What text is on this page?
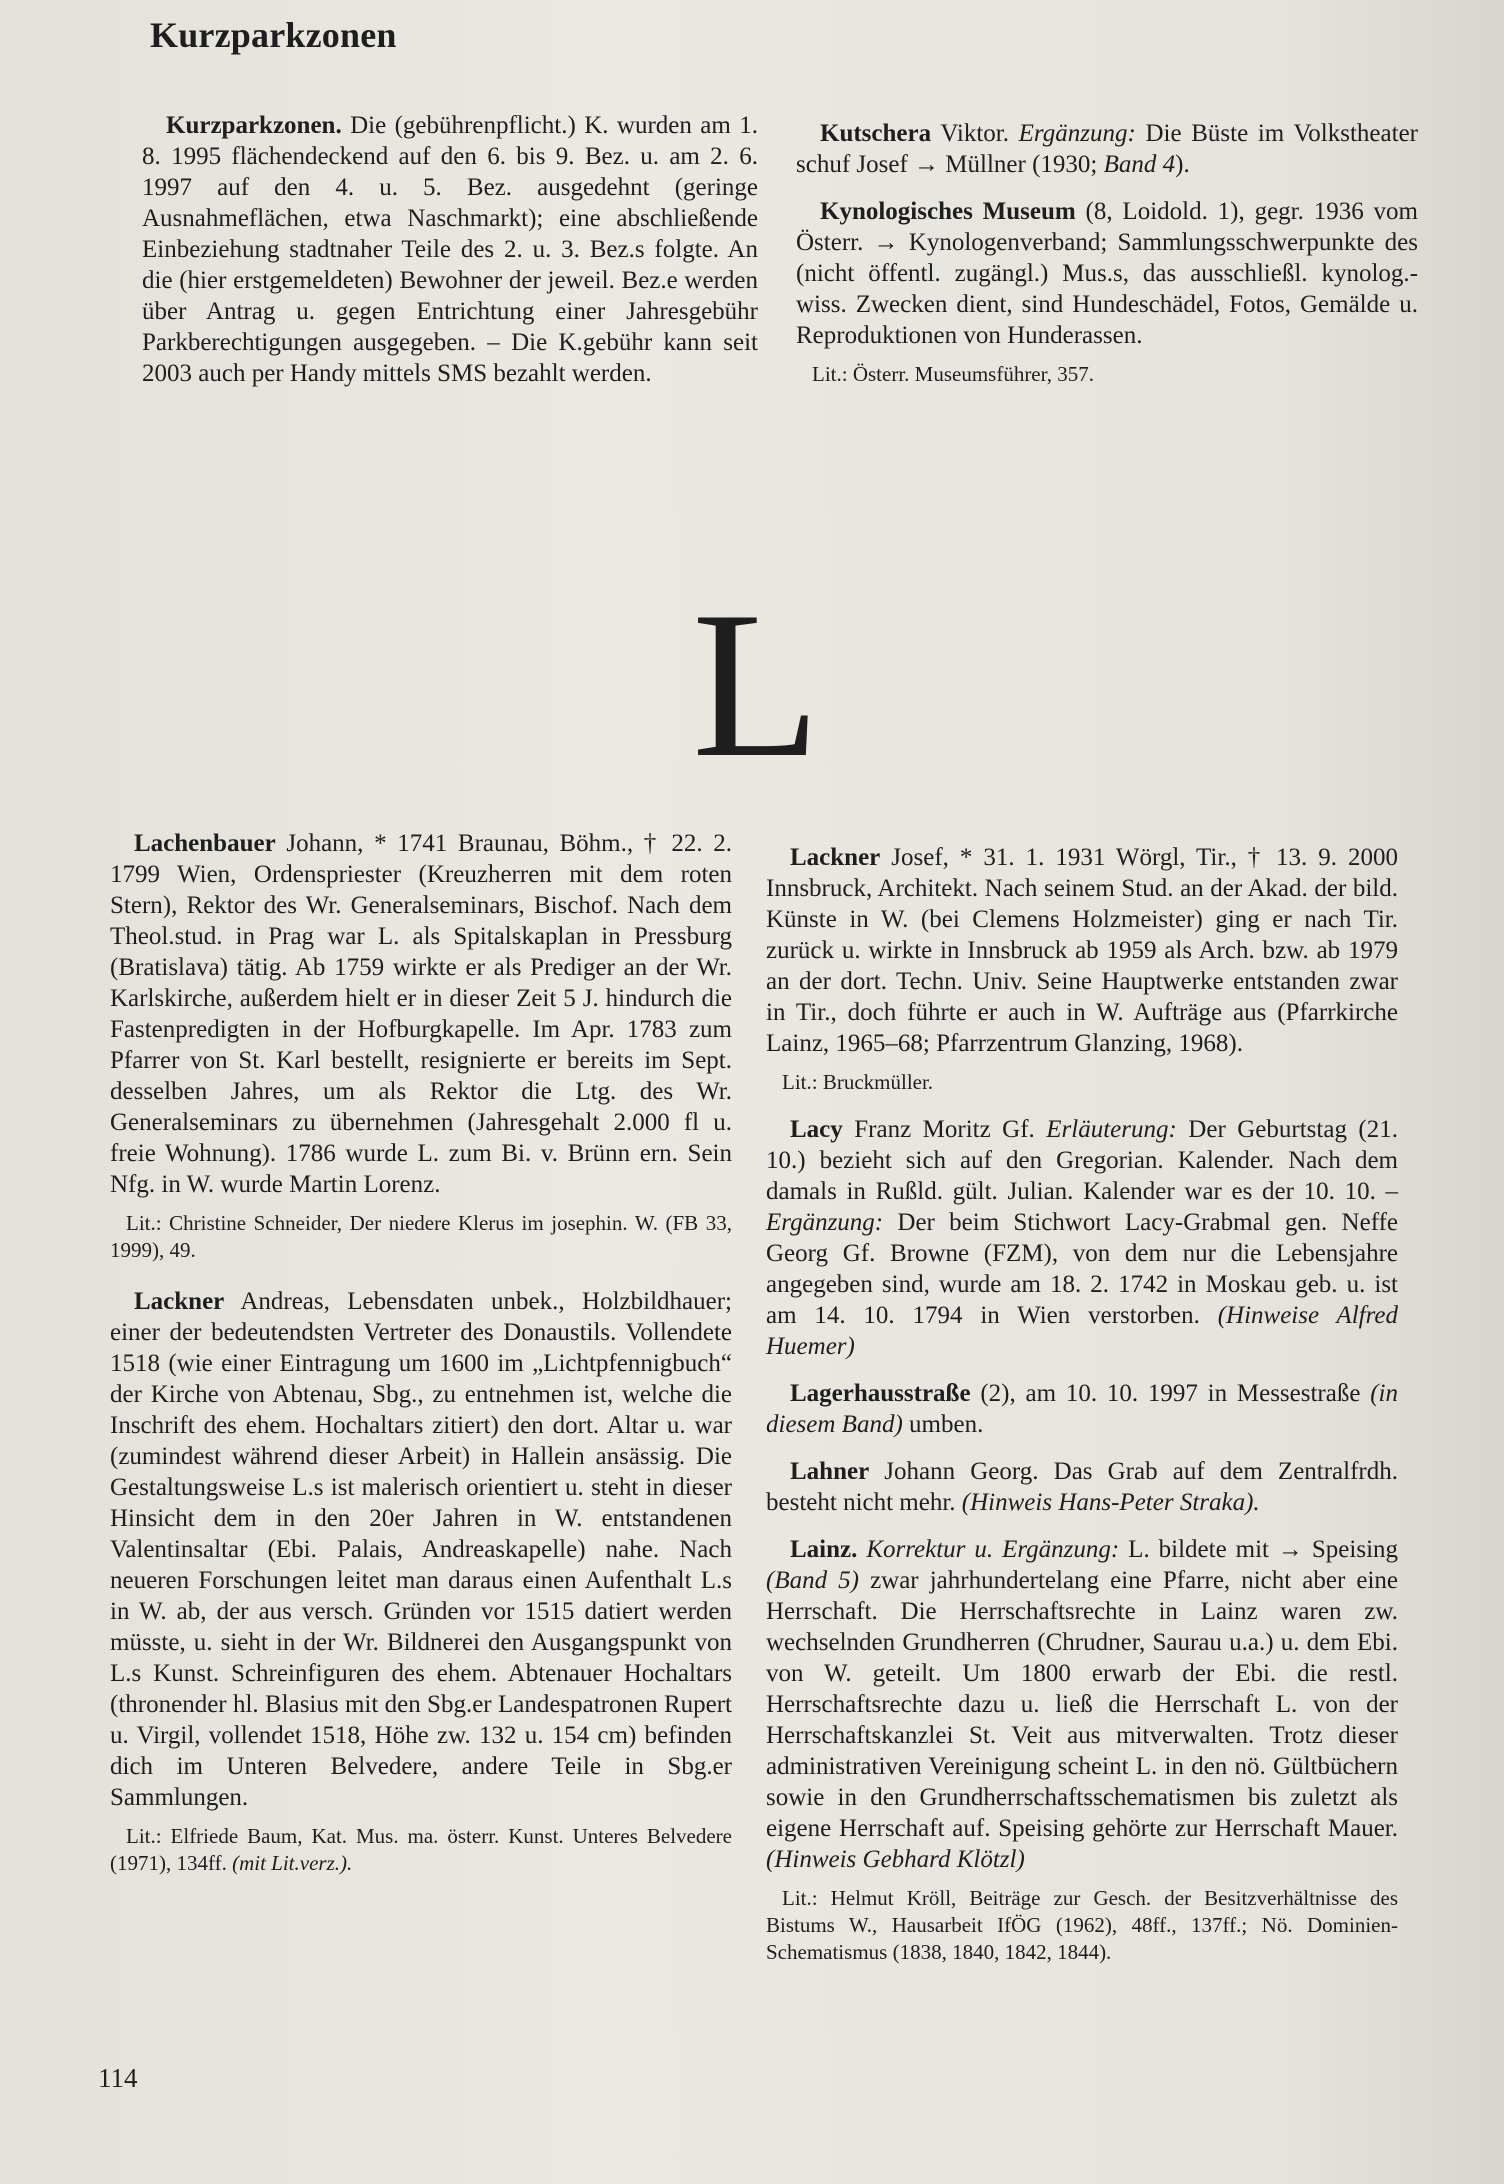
Kurzparkzonen

Kurzparkzonen. Die (gebührenpflicht.) K. wurden am 1. 8. 1995 flächendeckend auf den 6. bis 9. Bez. u. am 2. 6. 1997 auf den 4. u. 5. Bez. ausgedehnt (geringe Ausnahmeflächen, etwa Naschmarkt); eine abschließende Einbeziehung stadtnaher Teile des 2. u. 3. Bez.s folgte. An die (hier erstgemeldeten) Bewohner der jeweil. Bez.e werden über Antrag u. gegen Entrichtung einer Jahresgebühr Parkberechtigungen ausgegeben. – Die K.gebühr kann seit 2003 auch per Handy mittels SMS bezahlt werden.

Kutschera Viktor. Ergänzung: Die Büste im Volkstheater schuf Josef → Müllner (1930; Band 4).

Kynologisches Museum (8, Loidold. 1), gegr. 1936 vom Österr. → Kynologenverband; Sammlungsschwerpunkte des (nicht öffentl. zugängl.) Mus.s, das ausschließl. kynolog.-wiss. Zwecken dient, sind Hundeschädel, Fotos, Gemälde u. Reproduktionen von Hunderassen.

Lit.: Österr. Museumsführer, 357.

L

Lachenbauer Johann, * 1741 Braunau, Böhm., † 22. 2. 1799 Wien, Ordenspriester (Kreuzherren mit dem roten Stern), Rektor des Wr. Generalseminars, Bischof. Nach dem Theol.stud. in Prag war L. als Spitalskaplan in Pressburg (Bratislava) tätig. Ab 1759 wirkte er als Prediger an der Wr. Karlskirche, außerdem hielt er in dieser Zeit 5 J. hindurch die Fastenpredigten in der Hofburgkapelle. Im Apr. 1783 zum Pfarrer von St. Karl bestellt, resignierte er bereits im Sept. desselben Jahres, um als Rektor die Ltg. des Wr. Generalseminars zu übernehmen (Jahresgehalt 2.000 fl u. freie Wohnung). 1786 wurde L. zum Bi. v. Brünn ern. Sein Nfg. in W. wurde Martin Lorenz.

Lit.: Christine Schneider, Der niedere Klerus im josephin. W. (FB 33, 1999), 49.

Lackner Andreas, Lebensdaten unbek., Holzbildhauer; einer der bedeutendsten Vertreter des Donaustils. Vollendete 1518 (wie einer Eintragung um 1600 im „Lichtpfennigbuch“ der Kirche von Abtenau, Sbg., zu entnehmen ist, welche die Inschrift des ehem. Hochaltars zitiert) den dort. Altar u. war (zumindest während dieser Arbeit) in Hallein ansässig. Die Gestaltungsweise L.s ist malerisch orientiert u. steht in dieser Hinsicht dem in den 20er Jahren in W. entstandenen Valentinsaltar (Ebi. Palais, Andreaskapelle) nahe. Nach neueren Forschungen leitet man daraus einen Aufenthalt L.s in W. ab, der aus versch. Gründen vor 1515 datiert werden müsste, u. sieht in der Wr. Bildnerei den Ausgangspunkt von L.s Kunst. Schreinfiguren des ehem. Abtenauer Hochaltars (thronender hl. Blasius mit den Sbg.er Landespatronen Rupert u. Virgil, vollendet 1518, Höhe zw. 132 u. 154 cm) befinden dich im Unteren Belvedere, andere Teile in Sbg.er Sammlungen.

Lit.: Elfriede Baum, Kat. Mus. ma. österr. Kunst. Unteres Belvedere (1971), 134ff. (mit Lit.verz.).

Lackner Josef, * 31. 1. 1931 Wörgl, Tir., † 13. 9. 2000 Innsbruck, Architekt. Nach seinem Stud. an der Akad. der bild. Künste in W. (bei Clemens Holzmeister) ging er nach Tir. zurück u. wirkte in Innsbruck ab 1959 als Arch. bzw. ab 1979 an der dort. Techn. Univ. Seine Hauptwerke entstanden zwar in Tir., doch führte er auch in W. Aufträge aus (Pfarrkirche Lainz, 1965–68; Pfarrzentrum Glanzing, 1968).

Lit.: Bruckmüller.

Lacy Franz Moritz Gf. Erläuterung: Der Geburtstag (21. 10.) bezieht sich auf den Gregorian. Kalender. Nach dem damals in Rußld. gült. Julian. Kalender war es der 10. 10. – Ergänzung: Der beim Stichwort Lacy-Grabmal gen. Neffe Georg Gf. Browne (FZM), von dem nur die Lebensjahre angegeben sind, wurde am 18. 2. 1742 in Moskau geb. u. ist am 14. 10. 1794 in Wien verstorben. (Hinweise Alfred Huemer)

Lagerhausstraße (2), am 10. 10. 1997 in Messestraße (in diesem Band) umben.

Lahner Johann Georg. Das Grab auf dem Zentralfrdh. besteht nicht mehr. (Hinweis Hans-Peter Straka).

Lainz. Korrektur u. Ergänzung: L. bildete mit → Speising (Band 5) zwar jahrhundertelang eine Pfarre, nicht aber eine Herrschaft. Die Herrschaftsrechte in Lainz waren zw. wechselnden Grundherren (Chrudner, Saurau u.a.) u. dem Ebi. von W. geteilt. Um 1800 erwarb der Ebi. die restl. Herrschaftsrechte dazu u. ließ die Herrschaft L. von der Herrschaftskanzlei St. Veit aus mitverwalten. Trotz dieser administrativen Vereinigung scheint L. in den nö. Gültbüchern sowie in den Grundherrschaftsschematismen bis zuletzt als eigene Herrschaft auf. Speising gehörte zur Herrschaft Mauer. (Hinweis Gebhard Klötzl)

Lit.: Helmut Kröll, Beiträge zur Gesch. der Besitzverhältnisse des Bistums W., Hausarbeit IfÖG (1962), 48ff., 137ff.; Nö. Dominien-Schematismus (1838, 1840, 1842, 1844).

114
